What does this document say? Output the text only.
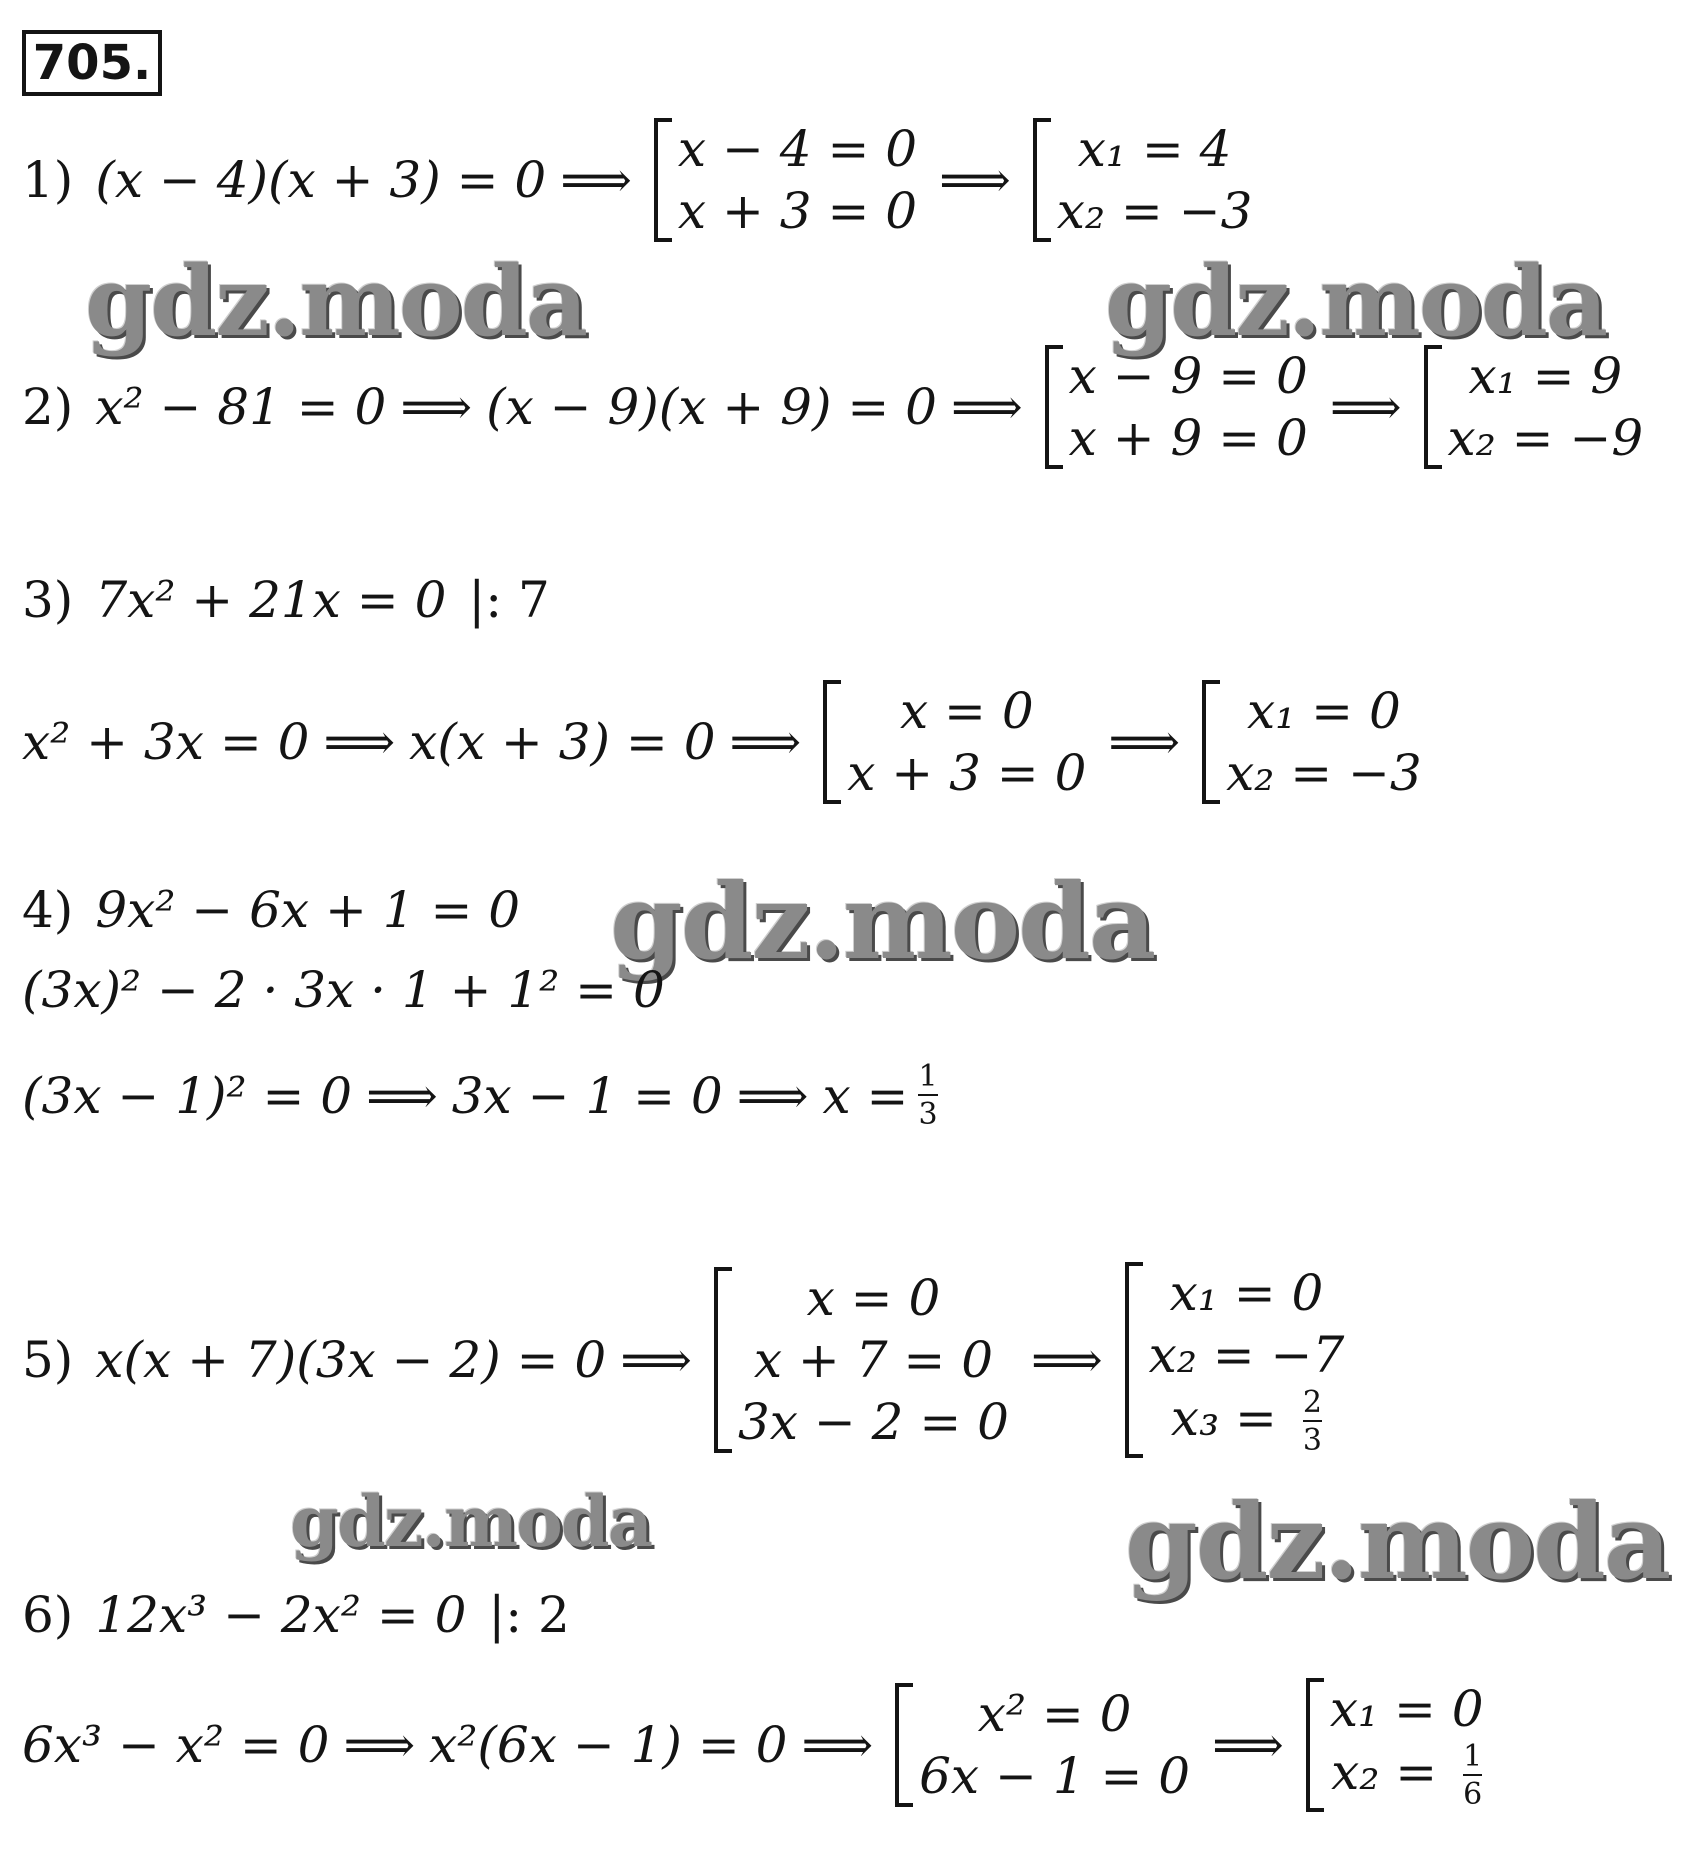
705.
1) (x − 4)(x + 3) = 0 ⟹
x − 4 = 0
x + 3 = 0
⟹
x₁ = 4
x₂ = −3
gdz.moda	gdz.moda
2) x² − 81 = 0 ⟹ (x − 9)(x + 9) = 0 ⟹
x − 9 = 0
x + 9 = 0
⟹
x₁ = 9
x₂ = −9
3) 7x² + 21x = 0 |: 7
x² + 3x = 0 ⟹ x(x + 3) = 0 ⟹
x = 0
x + 3 = 0
⟹
x₁ = 0
x₂ = −3
4) 9x² − 6x + 1 = 0 gdz.moda
(3x)² − 2 · 3x · 1 + 1² = 0
(3x − 1)² = 0 ⟹ 3x − 1 = 0 ⟹ $x = \frac{1}{3}$
5) x(x + 7)(3x − 2) = 0 ⟹
x = 0
x + 7 = 0
3x − 2 = 0
⟹
x₁ = 0
x₂ = −7
$x_3 = \frac{2}{3}$
gdz.moda	gdz.moda
6) 12x³ − 2x² = 0 |: 2
6x³ − x² = 0 ⟹ x²(6x − 1) = 0 ⟹
x² = 0
6x − 1 = 0
⟹
x₁ = 0
$x_2 = \frac{1}{6}$
